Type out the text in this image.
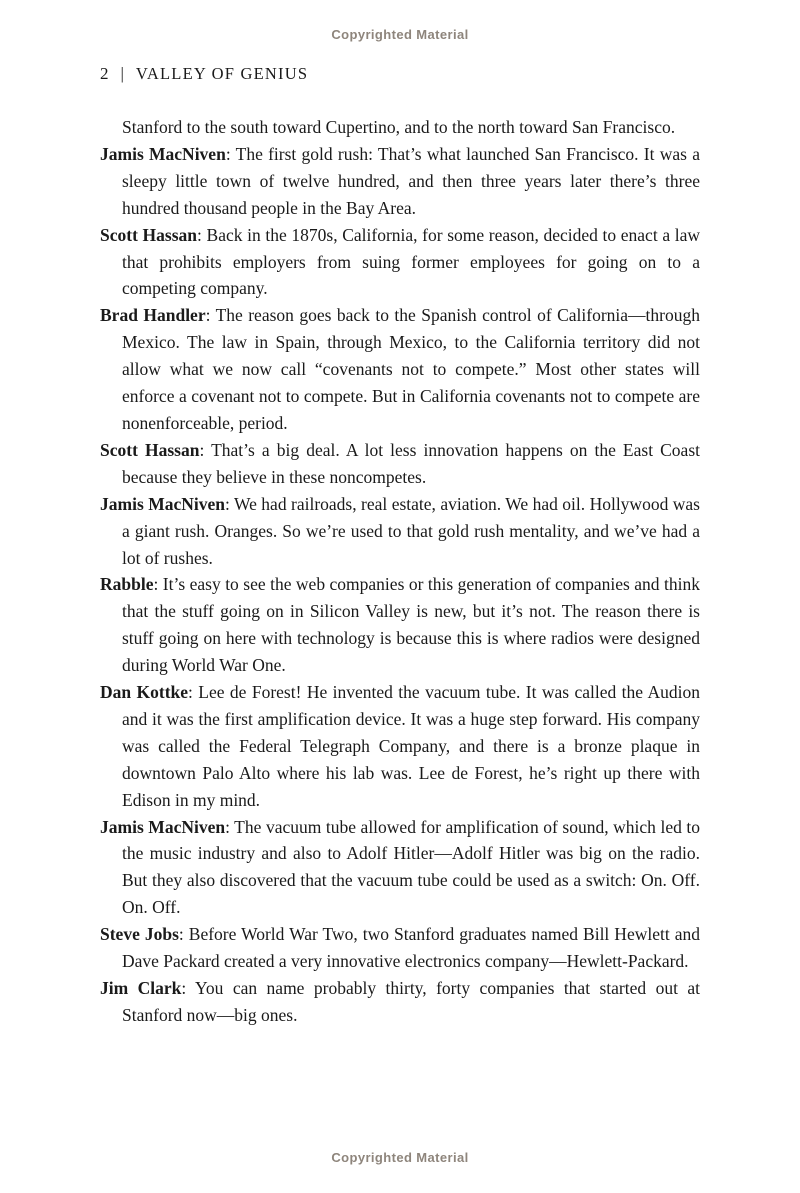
Copyrighted Material
2 | VALLEY OF GENIUS
Stanford to the south toward Cupertino, and to the north toward San Francisco.
Jamis MacNiven: The first gold rush: That’s what launched San Francisco. It was a sleepy little town of twelve hundred, and then three years later there’s three hundred thousand people in the Bay Area.
Scott Hassan: Back in the 1870s, California, for some reason, decided to enact a law that prohibits employers from suing former employees for going on to a competing company.
Brad Handler: The reason goes back to the Spanish control of California—through Mexico. The law in Spain, through Mexico, to the California territory did not allow what we now call “covenants not to compete.” Most other states will enforce a covenant not to compete. But in California covenants not to compete are nonenforceable, period.
Scott Hassan: That’s a big deal. A lot less innovation happens on the East Coast because they believe in these noncompetes.
Jamis MacNiven: We had railroads, real estate, aviation. We had oil. Hollywood was a giant rush. Oranges. So we’re used to that gold rush mentality, and we’ve had a lot of rushes.
Rabble: It’s easy to see the web companies or this generation of companies and think that the stuff going on in Silicon Valley is new, but it’s not. The reason there is stuff going on here with technology is because this is where radios were designed during World War One.
Dan Kottke: Lee de Forest! He invented the vacuum tube. It was called the Audion and it was the first amplification device. It was a huge step forward. His company was called the Federal Telegraph Company, and there is a bronze plaque in downtown Palo Alto where his lab was. Lee de Forest, he’s right up there with Edison in my mind.
Jamis MacNiven: The vacuum tube allowed for amplification of sound, which led to the music industry and also to Adolf Hitler—Adolf Hitler was big on the radio. But they also discovered that the vacuum tube could be used as a switch: On. Off. On. Off.
Steve Jobs: Before World War Two, two Stanford graduates named Bill Hewlett and Dave Packard created a very innovative electronics company—Hewlett-Packard.
Jim Clark: You can name probably thirty, forty companies that started out at Stanford now—big ones.
Copyrighted Material
